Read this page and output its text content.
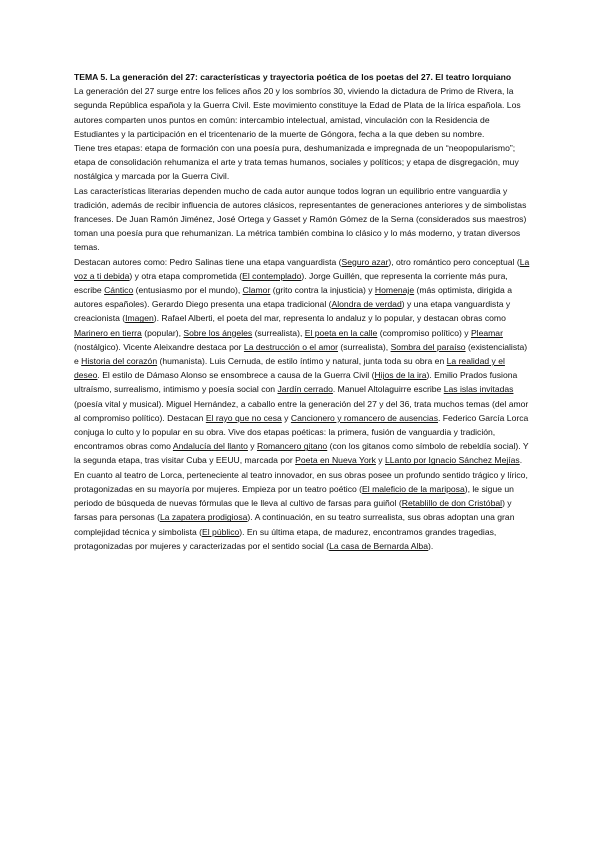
TEMA 5. La generación del 27: características y trayectoria poética de los poetas del 27. El teatro lorquiano

La generación del 27 surge entre los felices años 20 y los sombríos 30, viviendo la dictadura de Primo de Rivera, la segunda República española y la Guerra Civil. Este movimiento constituye la Edad de Plata de la lírica española. Los autores comparten unos puntos en común: intercambio intelectual, amistad, vinculación con la Residencia de Estudiantes y la participación en el tricentenario de la muerte de Góngora, fecha a la que deben su nombre.

Tiene tres etapas: etapa de formación con una poesía pura, deshumanizada e impregnada de un “neopopularismo”; etapa de consolidación rehumaniza el arte y trata temas humanos, sociales y políticos; y etapa de disgregación, muy nostálgica y marcada por la Guerra Civil.

Las características literarias dependen mucho de cada autor aunque todos logran un equilibrio entre vanguardia y tradición, además de recibir influencia de autores clásicos, representantes de generaciones anteriores y de simbolistas franceses. De Juan Ramón Jiménez, José Ortega y Gasset y Ramón Gómez de la Serna (considerados sus maestros) toman una poesía pura que rehumanizan. La métrica también combina lo clásico y lo más moderno, y tratan diversos temas.

Destacan autores como: Pedro Salinas tiene una etapa vanguardista (Seguro azar), otro romántico pero conceptual (La voz a ti debida) y otra etapa comprometida (El contemplado). Jorge Guillén, que representa la corriente más pura, escribe Cántico (entusiasmo por el mundo), Clamor (grito contra la injusticia) y Homenaje (más optimista, dirigida a autores españoles). Gerardo Diego presenta una etapa tradicional (Alondra de verdad) y una etapa vanguardista y creacionista (Imagen). Rafael Alberti, el poeta del mar, representa lo andaluz y lo popular, y destacan obras como Marinero en tierra (popular), Sobre los ángeles (surrealista), El poeta en la calle (compromiso político) y Pleamar (nostálgico). Vicente Aleixandre destaca por La destrucción o el amor (surrealista), Sombra del paraíso (existencialista) e Historia del corazón (humanista). Luis Cernuda, de estilo íntimo y natural, junta toda su obra en La realidad y el deseo. El estilo de Dámaso Alonso se ensombrece a causa de la Guerra Civil (Hijos de la ira). Emilio Prados fusiona ultraísmo, surrealismo, intimismo y poesía social con Jardín cerrado. Manuel Altolaguirre escribe Las islas invitadas (poesía vital y musical). Miguel Hernández, a caballo entre la generación del 27 y del 36, trata muchos temas (del amor al compromiso político). Destacan El rayo que no cesa y Cancionero y romancero de ausencias. Federico García Lorca conjuga lo culto y lo popular en su obra. Vive dos etapas poéticas: la primera, fusión de vanguardia y tradición, encontramos obras como Andalucía del llanto y Romancero gitano (con los gitanos como símbolo de rebeldía social). Y la segunda etapa, tras visitar Cuba y EEUU, marcada por Poeta en Nueva York y LLanto por Ignacio Sánchez Mejías.

En cuanto al teatro de Lorca, perteneciente al teatro innovador, en sus obras posee un profundo sentido trágico y lírico, protagonizadas en su mayoría por mujeres. Empieza por un teatro poético (El maleficio de la mariposa), le sigue un periodo de búsqueda de nuevas fórmulas que le lleva al cultivo de farsas para guiñol (Retablillo de don Cristóbal) y farsas para personas (La zapatera prodigiosa). A continuación, en su teatro surrealista, sus obras adoptan una gran complejidad técnica y simbolista (El público). En su última etapa, de madurez, encontramos grandes tragedias, protagonizadas por mujeres y caracterizadas por el sentido social (La casa de Bernarda Alba).
